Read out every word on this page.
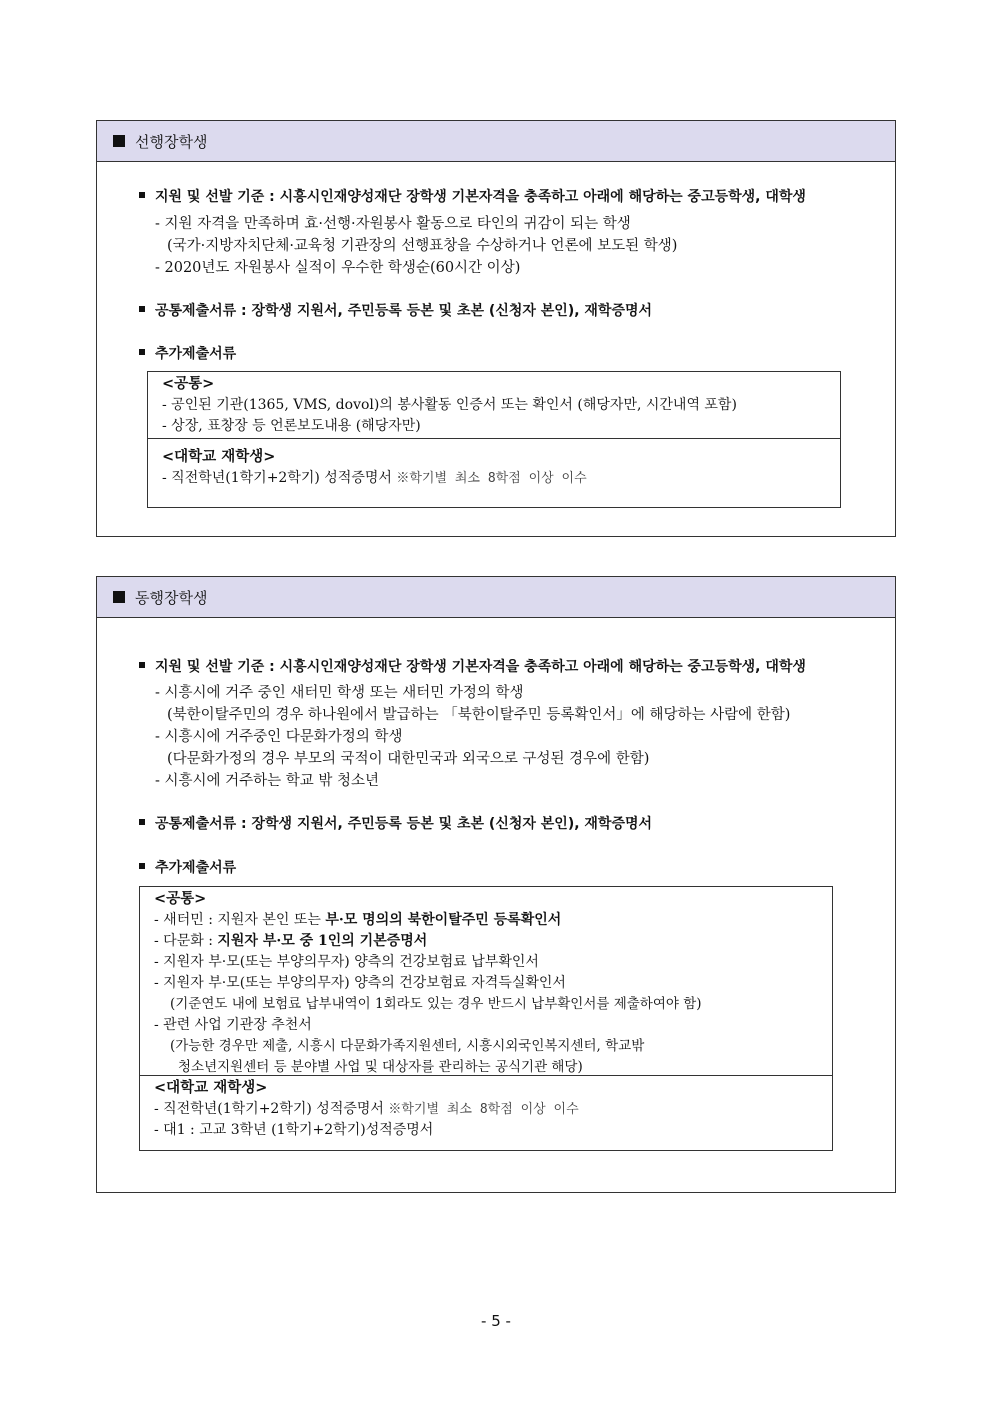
선행장학생
지원 및 선발 기준 : 시흥시인재양성재단 장학생 기본자격을 충족하고 아래에 해당하는 중고등학생, 대학생
- 지원 자격을 만족하며 효·선행·자원봉사 활동으로 타인의 귀감이 되는 학생
(국가·지방자치단체·교육청 기관장의 선행표창을 수상하거나 언론에 보도된 학생)
- 2020년도 자원봉사 실적이 우수한 학생순(60시간 이상)
공통제출서류 : 장학생 지원서, 주민등록 등본 및 초본 (신청자 본인), 재학증명서
추가제출서류
<공통>
- 공인된 기관(1365, VMS, dovol)의 봉사활동 인증서 또는 확인서 (해당자만, 시간내역 포함)
- 상장, 표창장 등 언론보도내용 (해당자만)
<대학교 재학생>
- 직전학년(1학기+2학기) 성적증명서 ※학기별 최소 8학점 이상 이수
동행장학생
지원 및 선발 기준 : 시흥시인재양성재단 장학생 기본자격을 충족하고 아래에 해당하는 중고등학생, 대학생
- 시흥시에 거주 중인 새터민 학생 또는 새터민 가정의 학생
(북한이탈주민의 경우 하나원에서 발급하는 「북한이탈주민 등록확인서」에 해당하는 사람에 한함)
- 시흥시에 거주중인 다문화가정의 학생
(다문화가정의 경우 부모의 국적이 대한민국과 외국으로 구성된 경우에 한함)
- 시흥시에 거주하는 학교 밖 청소년
공통제출서류 : 장학생 지원서, 주민등록 등본 및 초본 (신청자 본인), 재학증명서
추가제출서류
<공통>
- 새터민 : 지원자 본인 또는 부·모 명의의 북한이탈주민 등록확인서
- 다문화 : 지원자 부·모 중 1인의 기본증명서
- 지원자 부·모(또는 부양의무자) 양측의 건강보험료 납부확인서
- 지원자 부·모(또는 부양의무자) 양측의 건강보험료 자격득실확인서
(기준연도 내에 보험료 납부내역이 1회라도 있는 경우 반드시 납부확인서를 제출하여야 함)
- 관련 사업 기관장 추천서
(가능한 경우만 제출, 시흥시 다문화가족지원센터, 시흥시외국인복지센터, 학교밖
청소년지원센터 등 분야별 사업 및 대상자를 관리하는 공식기관 해당)
<대학교 재학생>
- 직전학년(1학기+2학기) 성적증명서 ※학기별 최소 8학점 이상 이수
- 대1 : 고교 3학년 (1학기+2학기)성적증명서
- 5 -
